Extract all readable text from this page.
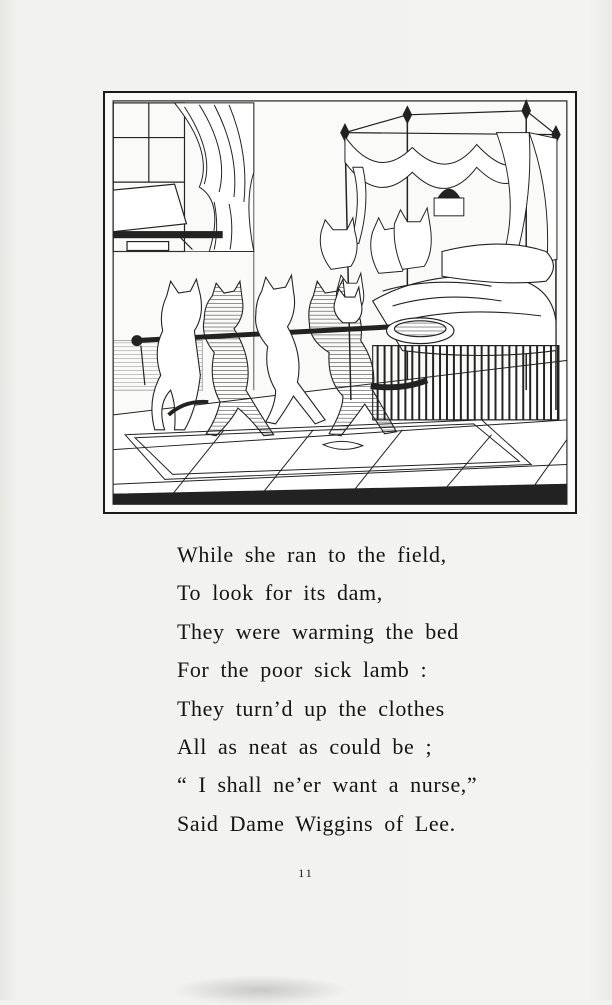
While she ran to the field,
To look for its dam,
They were warming the bed
For the poor sick lamb :
They turn’d up the clothes
All as neat as could be ;
“ I shall ne’er want a nurse,”
Said Dame Wiggins of Lee.
11
